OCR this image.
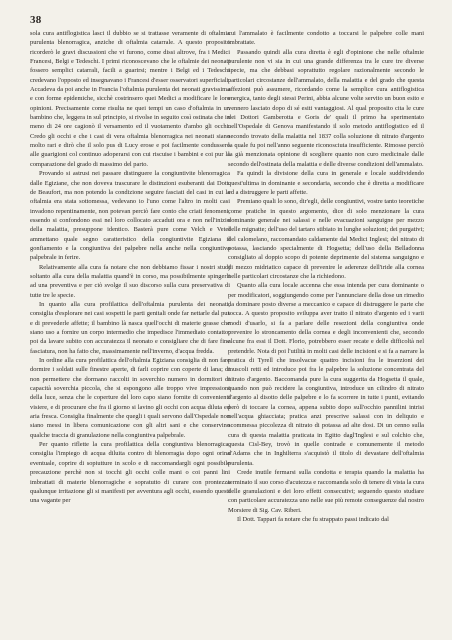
38

sola cura antiflogistica lasci il dubbio se si trattasse veramente di oftalmia purulenta blenorragica, anziche di oftalmia catarrale. A questo proposito ricorderò le gravi discussioni che vi furono, come dissi altrove, fra i Medici Francesi, Belgi e Tedeschi. I primi riconoscevano che le oftalmie dei neonati fossero semplici catarrali, facili a guarirsi; mentre i Belgi ed i Tedeschi credevano l'opposto ed insegnavano i Francesi d'esser osservatori superficiali. Accadeva da poi anche in Francia l'oftalmia purulenta dei neonati gravissima e con forme epidemiche, sicchè costrinsero quei Medici a modificare le loro opinioni. Precisamente come risulta ne quei tempi un caso d'oftalmia in un bambino che, leggera in sul principio, si rivolse in seguito così ostinata che in meno di 24 ore cagionò il versamento ed il vuotamento d'ambo gli occhi. Credo gli occhi e che i casi di vera oftalmia blenorragica nei neonati siano molto rari e dirò che il solo pus di Lucy erose e poi facilmente condussero alle guarigioni col continuo adoperarsi con cui riscuise i bambini e coi pur la comparazione del grado di massimo del parto.

Provando si astrusi nei passare distinguere la congiuntivite blenorragica dalle Egiziane, che non doveva trascurare le distinzioni esuberanti dai Dott. de Beaufort, ma non potendo la condizione seguire fasciati del casi in cui la oftalmia era stata sottomessa, vedevano io l'uno come l'altro in molti casi invadono repentinamente, non potevan perciò fare conto che criati fenomeni, essendo si confondono essi nel loro collocato accaduti ora e non nell'inizio della malattia, presuppone identico. Basterà pure come Velch e Vetel ammettano quale segno caratteristico della congiuntivite Egiziana il gonfiamento e la congiuntiva dei palpebre nella anche nella congiuntiva palpebrale in ferire.

Relativamente alla cura fa notare che non debbiamo fissar i nostri studj soltanto alla cura della malattia quand'è in corso, ma possibilmente spingerli ad una preventiva e per ciò svolge il suo discorso sulla cura preservativa di tutte tre le specie.

In quanto alla cura profilattica dell'oftalmia purulenta dei neonati, consiglia d'esplorare nei casi sospetti le parti genitali onde far nettarle dal pus e di prevederle affette; il bambino là nasca quell'occhi di materie grasse che siano uso a fornire un corpo intermedio che impedisce l'immediato contatto; poi da lavare subito con accuratezza il neonato e consigliare che di fare fine fasciatura, non ha fatto che, massimamente nell'inverno, d'acqua fredda.

In ordine alla cura profilattica dell'oftalmia Egiziana consiglia di non fare dormire i soldati sulle finestre aperte, di farli coprire con coperte di lana; di non permettere che dormano raccolti in soverchio numero in dormitori di capacità soverchia piccola, che si espongono alle troppo vive impressioni della luce, senza che le coperture del loro capo siano fornite di convenienti visiere, e di procurare che fra il giorno si lavino gli occhi con acqua diluta ed aria fresca. Consiglia finalmente che quegli i quali servono dall'Ospedale non siano messi in libera comunicazione con gli altri sani e che conservino qualche traccia di granulazione nella congiuntiva palpebrale.

Per quanto riflette la cura profilattica della congiuntiva blenorragica, consiglia l'impiego di acqua diluita contro di blenorragia dopo ogni orina eventuale, coprire di sopiutture in scolo e di raccomandargli ogni possibile precauzione perchè non si tocchi gli occhi colle mani o coi panni lini imbrattati di materie blenorragiche e sopratutto di curare con prontezza qualunque irritazione gli si manifesti per avventura agli occhi, essendo questi una vagante per

cui l'ammalato è facilmente condotto a toccarsi le palpebre colle mani imbrattate.

Passando quindi alla cura diretta è egli d'opinione che nelle oftalmie purulente non vi sia in cui una grande differenza tra le cure tre diverse specie, ma che debbasi soprattutto regolare razionalmente secondo le particolari circostanze dell'ammalato, della malattia e del grado che questa affezioni può assumere, ricordando come la semplice cura antiflogistica energica, tanto degli stessi Perini, abbia alcune volte servito un buon esito e vennero lasciato dopo di sé esiti vantaggiosi. Al qual proposito cita le cure dei Dottori Gamberotta e Goris de' quali il primo ha sperimentato nell'Ospedale di Genova manifestando il solo metodo antiflogistico ed il secondo trovato della malattia nel 1837 colla soluzione di nitrato d'argento la quale fu poi nell'anno seguente riconosciuta insufficiente. Rimosse perciò la già menzionata opinione di scegliere quanto non curo medicinale dalle secondo dell'ostinata della malattia e delle diverse condizioni dell'ammalato.

Fa quindi la divisione della cura in generale e locale suddividendo quest'ultima in dominante e secondaria, secondo che è diretta a modificare ed a distruggere le parti affette.

Premiano quali lo sono, dir'egli, delle congiuntivi, vostre tanto teoretiche come pratiche in questo argomento, dice di solo menzionare la cura dominante generale nei salassi e nelle evacuazioni sanguigne per mezzo delle mignatte; dell'uso del tartaro stibiato in lunghe soluzioni; dei purgativi; del calomelano, raccomandato caldamente dal Medici Inglesi; del nitrato di potassa, lasciando specialmente di Hogsetta; dell'uso della Belladonna consigliato al doppio scopo di potente deprimente del sistema sanguigno e di mezzo midriatico capace di prevenire le aderenze dell'iride alla cornea nelle particolari circostanze che la richiedono.

Quanto alla cura locale accenna che essa intenda per cura dominante o per modificatori, soggiungendo come per l'annunciare della dose un rimedio da dominare posto diverse a meccanico e capace di distruggere le parte che tocca. A questo proposito sviluppa aver tratto il nitrato d'argento ed i varii modi d'usarlo, si fa a parlare delle resezioni della congiuntiva onde prevenire lo stroncamento della cornea e degli inconvenienti che, secondo alcune fra essi il Dott. Florio, potrebbero esser recate e delle difficoltà nel pretendrle. Nota di poi l'utilità in molti casi delle incisioni e si fa a narrare la pratica di Tyrell che insolvacue quattro incisioni fra le inserzioni dei muscoli retti ed introduce poi fra le palpebre la soluzione concentrata del nitrato d'argento. Baccomanda pure la cura suggerita da Hogsetta il quale, quando non può recidere la congiuntiva, introduce un cilindro di nitrato d'argento al disotto delle palpebre e lo fa scorrere in tutte i punti, evitando però di toccare la cornea, appena subito dopo sull'occhio pannilini intrisi nell'acqua ghiacciata; pratica anzi prescrive salassi con in deliquio e scommessa piccolezza di nitrato di potassa ad alte dosi. Di un cenno sulla cura di questa malattia praticata in Egitto dagl'Inglesi e sul colchio che, questa Cisl-Bey, trovò in quelle contrade e comunemente il metodo d'Adams che in Inghilterra s'acquistò il titolo di devastare dell'oftalmia purulenta.

Crede inutile fermarsi sulla condotta e terapia quando la malattia ha terminato il suo corso d'acutezza e raccomanda solo di tenere di vista la cura delle granulazioni e dei loro effetti consecutivi; seguendo questo studiare con particolare accuratezza uno nelle sue più remote conseguenze dal nostro Morsiere di Sig. Cav. Riberi.

Il Dott. Tappari fa notare che fu strappato passi indicato dal
